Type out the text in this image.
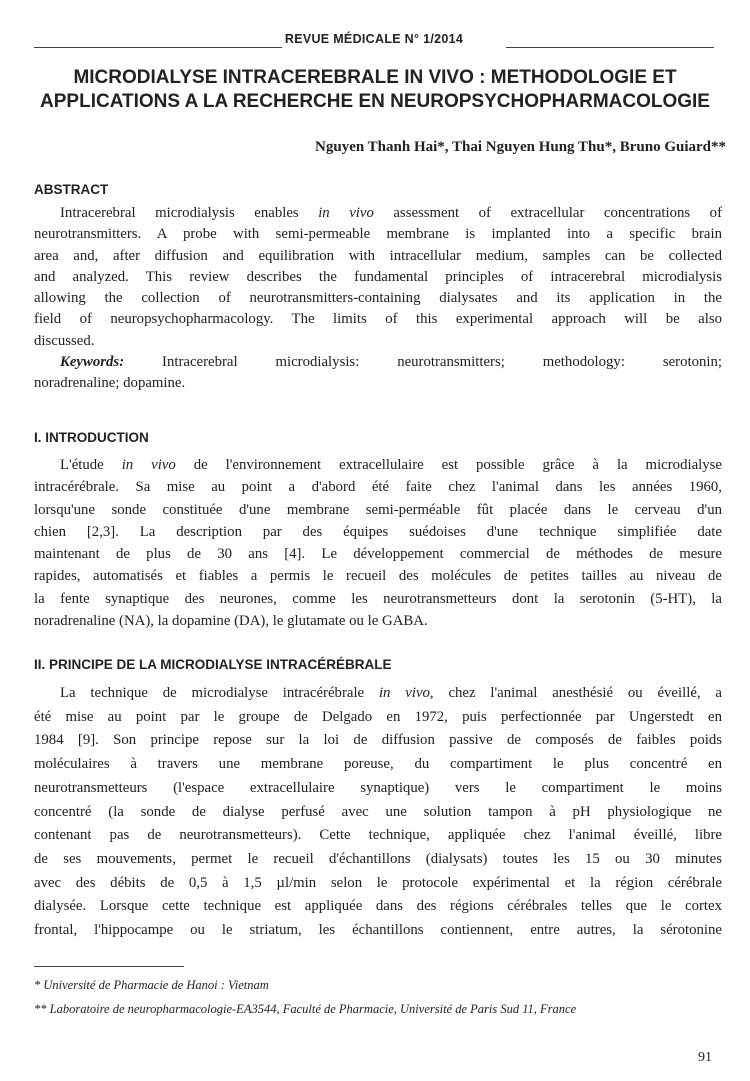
REVUE MÉDICALE N° 1/2014
MICRODIALYSE INTRACEREBRALE IN VIVO : METHODOLOGIE ET
APPLICATIONS A LA RECHERCHE EN NEUROPSYCHOPHARMACOLOGIE

Nguyen Thanh Hai*, Thai Nguyen Hung Thu*, Bruno Guiard**

ABSTRACT
Intracerebral microdialysis enables in vivo assessment of extracellular concentrations of
neurotransmitters. A probe with semi-permeable membrane is implanted into a specific brain
area and, after diffusion and equilibration with intracellular medium, samples can be collected
and analyzed. This review describes the fundamental principles of intracerebral microdialysis
allowing the collection of neurotransmitters-containing dialysates and its application in the
field of neuropsychopharmacology. The limits of this experimental approach will be also
discussed.
Keywords:	Intracerebral microdialysis: neurotransmitters; methodology: serotonin;
noradrenaline; dopamine.
I. INTRODUCTION
L'étude in vivo de l'environnement extracellulaire est possible grâce à la microdialyse
intracérébrale. Sa mise au point a d'abord été faite chez l'animal dans les années 1960,
lorsqu'une sonde constituée d'une membrane semi-perméable fût placée dans le cerveau d'un
chien [2,3]. La description par des équipes suédoises d'une technique simplifiée date
maintenant de plus de 30 ans [4]. Le développement commercial de méthodes de mesure
rapides, automatisés et fiables a permis le recueil des molécules de petites tailles au niveau de
la fente synaptique des neurones, comme les neurotransmetteurs dont la serotonin (5-HT), la
noradrenaline (NA), la dopamine (DA), le glutamate ou le GABA.
II. PRINCIPE DE LA MICRODIALYSE INTRACÉRÉBRALE
La technique de microdialyse intracérébrale in vivo, chez l'animal anesthésié ou éveillé, a
été mise au point par le groupe de Delgado en 1972, puis perfectionnée par Ungerstedt en
1984 [9]. Son principe repose sur la loi de diffusion passive de composés de faibles poids
moléculaires à travers une membrane poreuse, du compartiment le plus concentré en
neurotransmetteurs (l'espace extracellulaire synaptique) vers le compartiment le moins
concentré (la sonde de dialyse perfusé avec une solution tampon à pH physiologique ne
contenant pas de neurotransmetteurs). Cette technique, appliquée chez l'animal éveillé, libre
de ses mouvements, permet le recueil d'échantillons (dialysats) toutes les 15 ou 30 minutes
avec des débits de 0,5 à 1,5 µl/min selon le protocole expérimental et la région cérébrale
dialysée. Lorsque cette technique est appliquée dans des régions cérébrales telles que le cortex
frontal, l'hippocampe ou le striatum, les échantillons contiennent, entre autres, la sérotonine

* Université de Pharmacie de Hanoi : Vietnam

** Laboratoire de neuropharmacologie-EA3544, Faculté de Pharmacie, Université de Paris Sud 11, France

91
